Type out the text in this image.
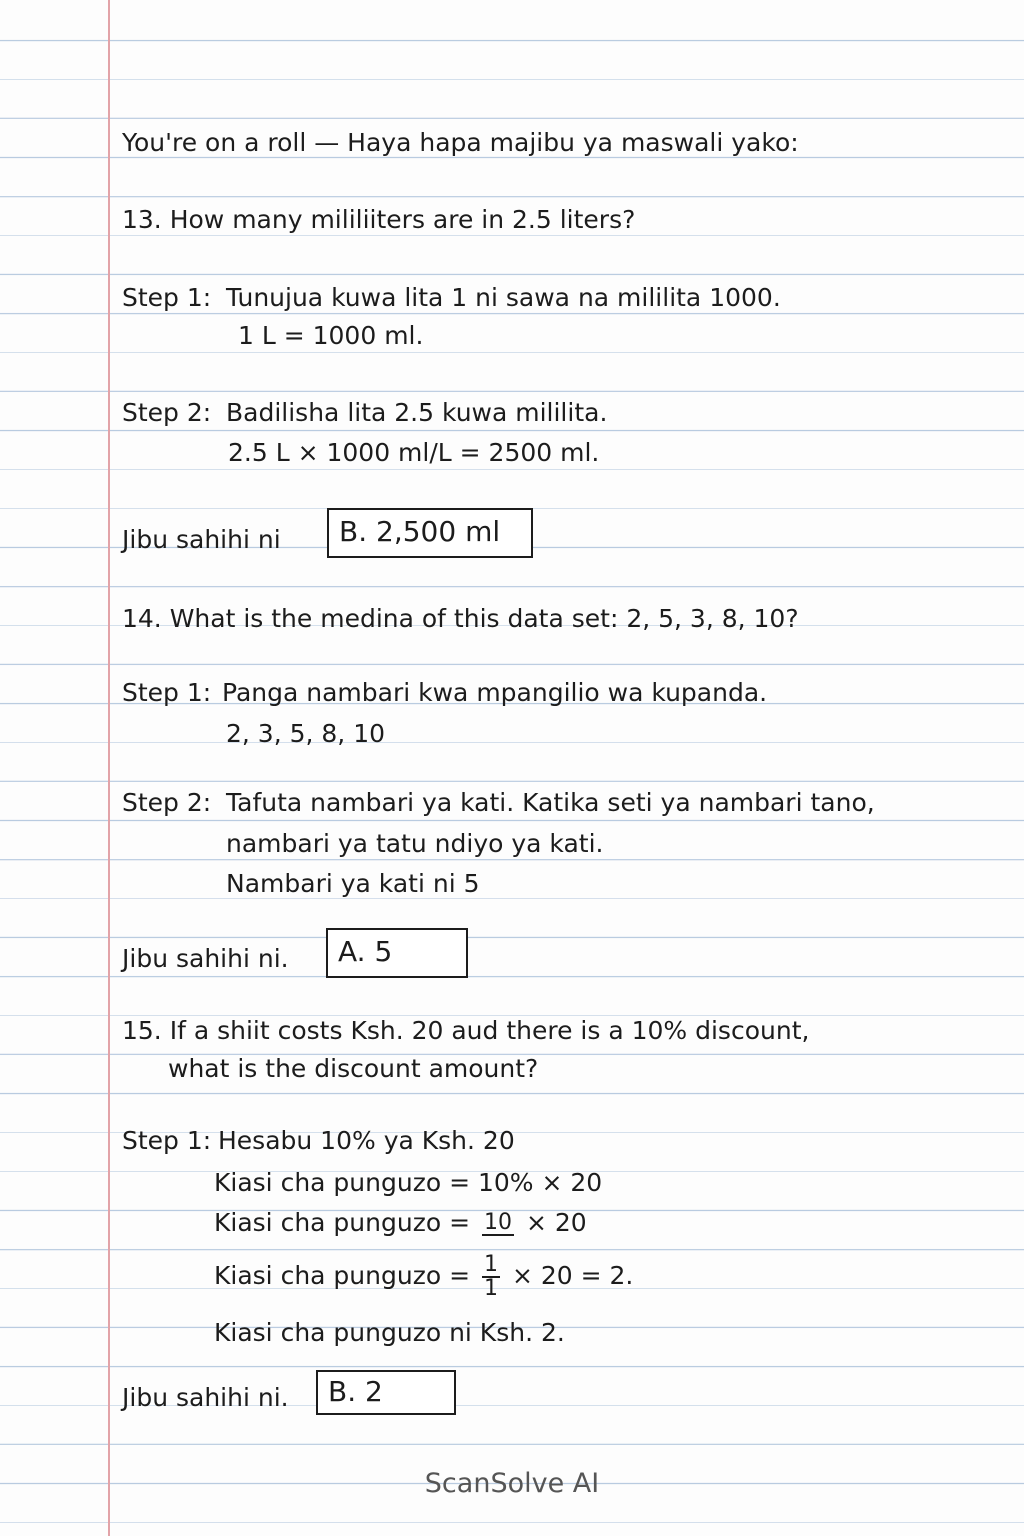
You're on a roll — Haya hapa majibu ya maswali yako:
13. How many mililiiters are in 2.5 liters?
Step 1: Tunujua kuwa lita 1 ni sawa na mililita 1000.
1 L = 1000 ml.
Step 2: Badilisha lita 2.5 kuwa mililita.
2.5 L × 1000 ml/L = 2500 ml.
Jibu sahihi ni	B. 2,500 ml
14. What is the medina of this data set: 2, 5, 3, 8, 10?
Step 1: Panga nambari kwa mpangilio wa kupanda.
2, 3, 5, 8, 10
Step 2: Tafuta nambari ya kati. Katika seti ya nambari tano,
nambari ya tatu ndiyo ya kati.
Nambari ya kati ni 5
Jibu sahihi ni.	A. 5
15. If a shiit costs Ksh. 20 aud there is a 10% discount,
what is the discount amount?
Step 1: Hesabu 10% ya Ksh. 20
Kiasi cha punguzo = 10% × 20
Kiasi cha punguzo = 10 × 20
Kiasi cha punguzo = $\frac{1}{1} \times 20 = 2$.
Kiasi cha punguzo ni Ksh. 2.
Jibu sahihi ni.	B. 2
ScanSolve AI
